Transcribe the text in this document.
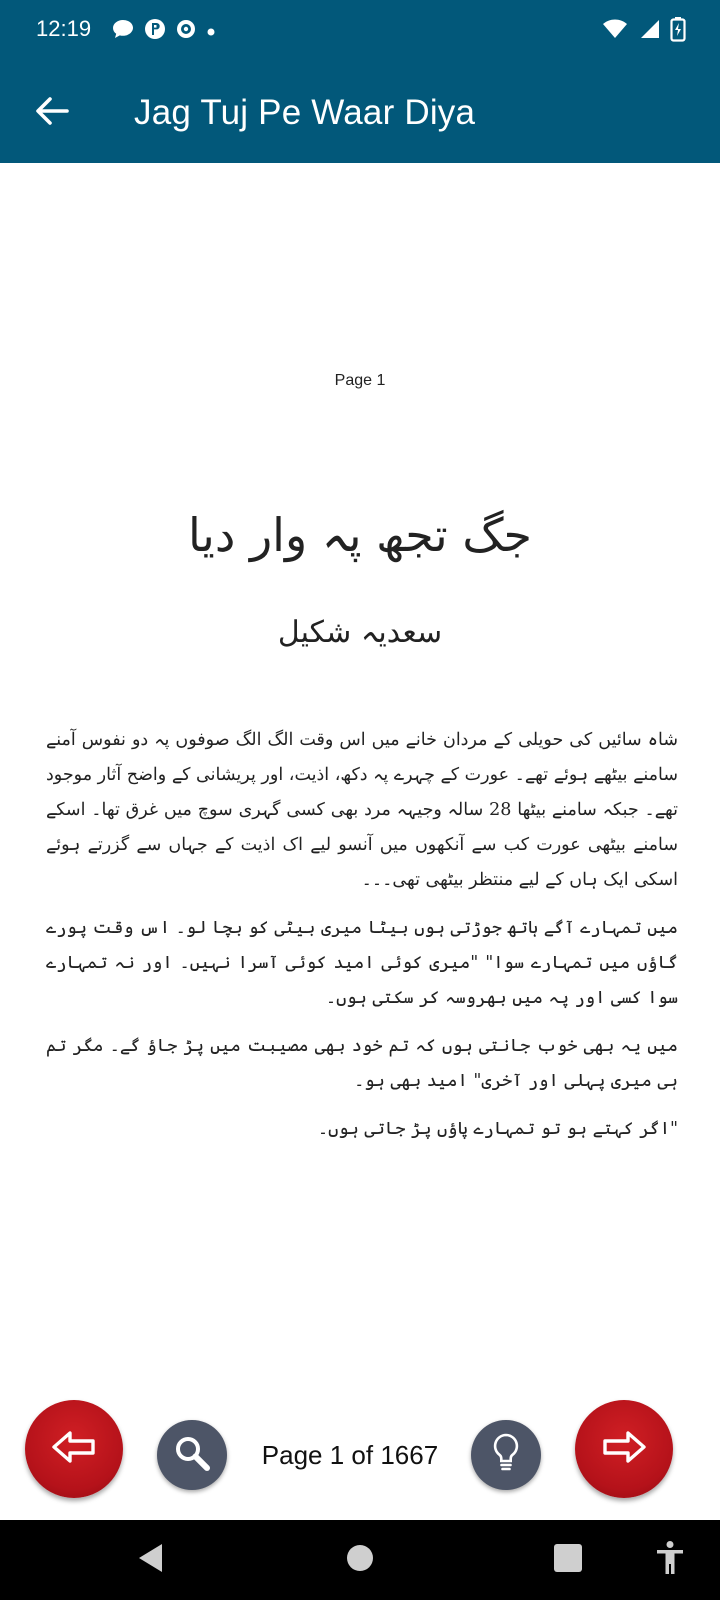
12:19
Jag Tuj Pe Waar Diya
Page 1
جگ تجھ پہ وار دیا
سعدیہ شکیل

شاہ سائیں کی حویلی کے مردان خانے میں اس وقت الگ الگ صوفوں پہ دو نفوس آمنے سامنے بیٹھے ہوئے تھے۔ عورت کے چہرے پہ دکھ، اذیت، اور پریشانی کے واضح آثار موجود تھے۔ جبکہ سامنے بیٹھا 28 سالہ وجیہہ مرد بھی کسی گہری سوچ میں غرق تھا۔ اسکے سامنے بیٹھی عورت کب سے آنکھوں میں آنسو لیے اک اذیت کے جہاں سے گزرتے ہوئے اسکی ایک ہاں کے لیے منتظر بیٹھی تھی۔۔۔

میں تمہارے آگے ہاتھ جوڑتی ہوں بیٹا میری بیٹی کو بچا لو۔ اس وقت پورے گاؤں میں تمہارے سوا" "میری کوئی امید کوئی آسرا نہیں۔ اور نہ تمہارے سوا کسی اور پہ میں بھروسہ کر سکتی ہوں۔

میں یہ بھی خوب جانتی ہوں کہ تم خود بھی مصیبت میں پڑ جاؤ گے۔ مگر تم ہی میری پہلی اور آخری" امید بھی ہو۔

"اگر کہتے ہو تو تمہارے پاؤں پڑ جاتی ہوں۔

Page 1 of 1667
